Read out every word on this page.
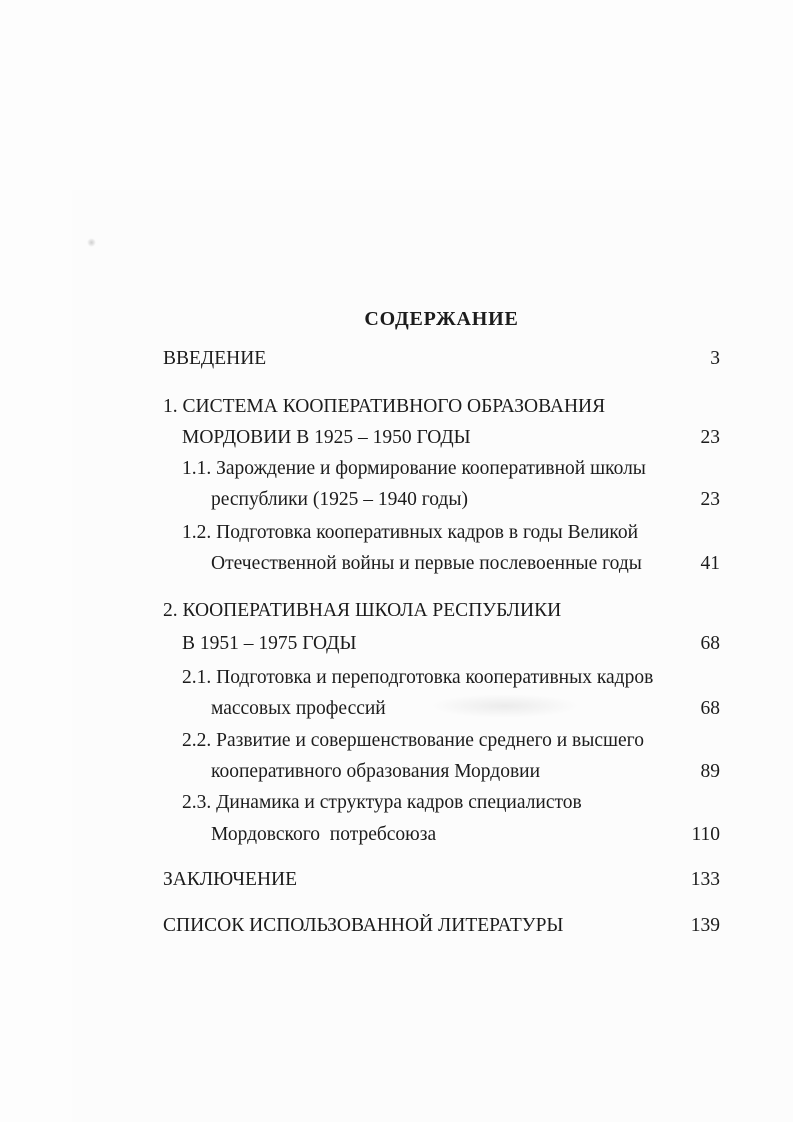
СОДЕРЖАНИЕ
ВВЕДЕНИЕ	3
1. СИСТЕМА КООПЕРАТИВНОГО ОБРАЗОВАНИЯ
МОРДОВИИ В 1925 – 1950 ГОДЫ	23
1.1. Зарождение и формирование кооперативной школы
республики (1925 – 1940 годы)	23
1.2. Подготовка кооперативных кадров в годы Великой
Отечественной войны и первые послевоенные годы	41
2. КООПЕРАТИВНАЯ ШКОЛА РЕСПУБЛИКИ
В 1951 – 1975 ГОДЫ	68
2.1. Подготовка и переподготовка кооперативных кадров
массовых профессий	68
2.2. Развитие и совершенствование среднего и высшего
кооперативного образования Мордовии	89
2.3. Динамика и структура кадров специалистов
Мордовского  потребсоюза	110
ЗАКЛЮЧЕНИЕ	133
СПИСОК ИСПОЛЬЗОВАННОЙ ЛИТЕРАТУРЫ	139
